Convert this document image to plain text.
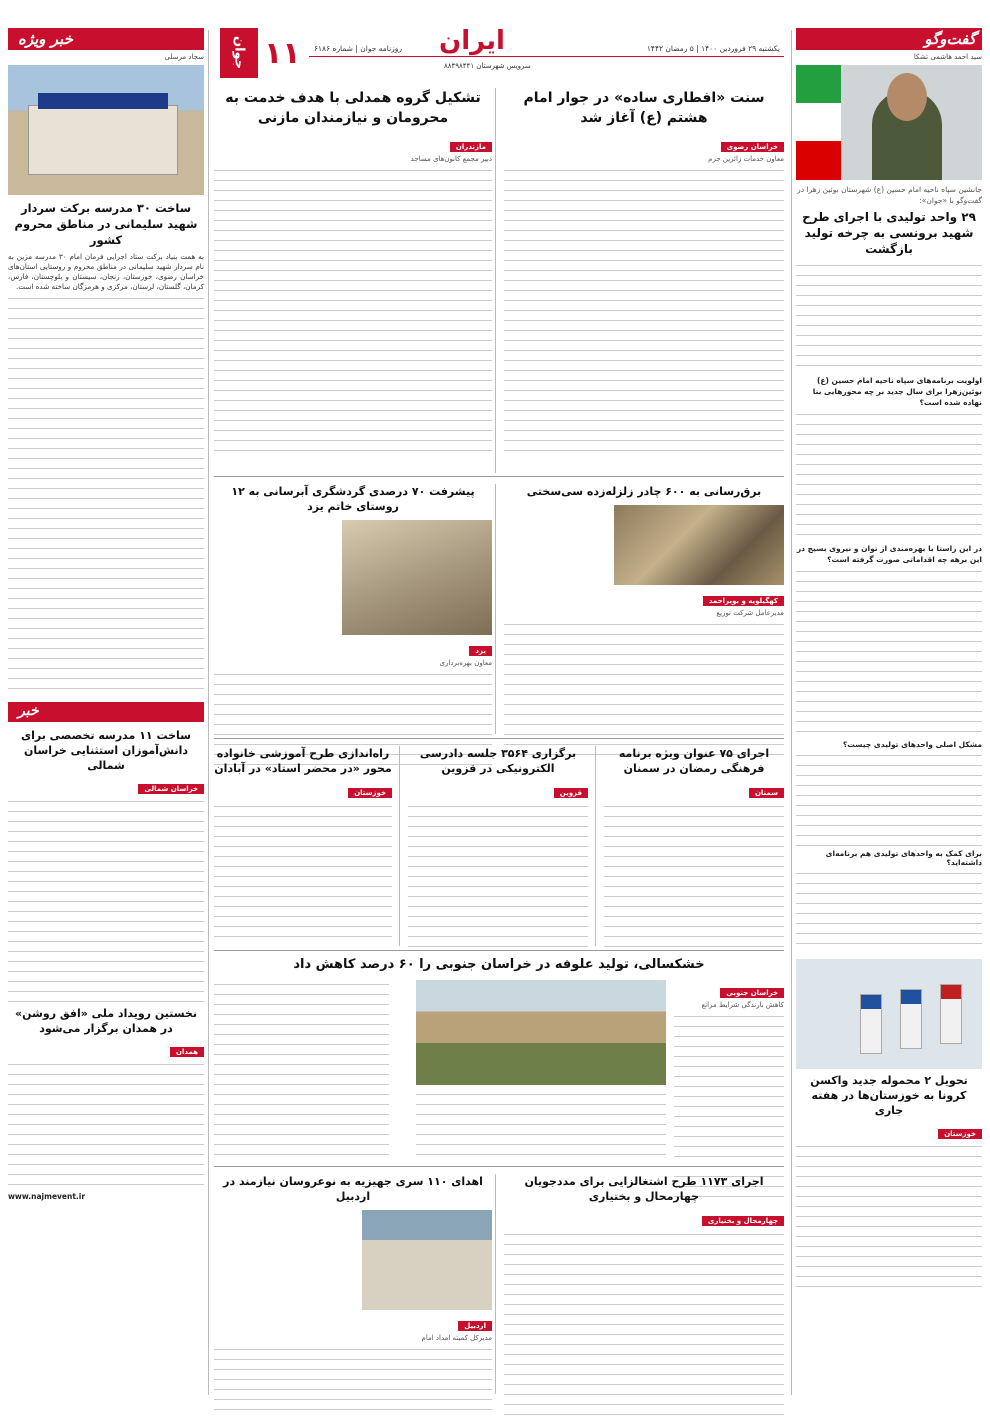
گفت‌وگو
سید احمد هاشمی تشکا
جانشین سپاه ناحیه امام حسین (ع) شهرستان بوئین زهرا در گفت‌وگو با «جوان»:
۲۹ واحد تولیدی با اجرای طرح شهید برونسی به چرخه تولید بازگشت
اولویت برنامه‌های سپاه ناحیه امام حسین (ع) بوئین‌زهرا برای سال جدید بر چه محورهایی بنا نهاده شده است؟
در این راستا با بهره‌مندی از توان و نیروی بسیج در این برهه چه اقداماتی صورت گرفته است؟
مشکل اصلی واحدهای تولیدی چیست؟
برای کمک به واحدهای تولیدی هم برنامه‌ای داشته‌اید؟
تحویل ۲ محموله جدید واکسن کرونا به خوزستان‌ها در هفته جاری
خوزستان
خبر ویژه
سجاد مرسلی
ساخت ۳۰ مدرسه برکت سردار شهید سلیمانی در مناطق محروم کشور
به همت بنیاد برکت ستاد اجرایی فرمان امام ۳۰ مدرسه مزین به نام سردار شهید سلیمانی در مناطق محروم و روستایی استان‌های خراسان رضوی، خوزستان، زنجان، سیستان و بلوچستان، فارس، کرمان، گلستان، لرستان، مرکزی و هرمزگان ساخته شده است.
خبر
ساخت ۱۱ مدرسه تخصصی برای دانش‌آموزان استثنایی خراسان شمالی
خراسان شمالی
نخستین رویداد ملی «افق روشن» در همدان برگزار می‌شود
همدان
www.najmevent.ir
جوان ۱۱	ایران	یکشنبه ۲۹ فروردین ۱۴۰۰ | ۵ رمضان ۱۴۴۲
روزنامه جوان | شماره ۶۱۸۶
سرویس شهرستان ۸۸۴۹۸۴۴۱
سنت «افطاری ساده» در جوار امام هشتم (ع) آغاز شد
خراسان رضوی
معاون خدمات زائرین حرم
تشکیل گروه همدلی با هدف خدمت به محرومان و نیازمندان مازنی
مازندران
دبیر مجمع کانون‌های مساجد
برق‌رسانی به ۶۰۰ چادر زلزله‌زده سی‌سختی
کهگیلویه و بویراحمد
مدیرعامل شرکت توزیع
پیشرفت ۷۰ درصدی گردشگری آبرسانی به ۱۲ روستای خاتم یزد
یزد
معاون بهره‌برداری
اجرای ۷۵ عنوان ویژه برنامه فرهنگی رمضان در سمنان
سمنان
برگزاری ۳۵۶۴ جلسه دادرسی الکترونیکی در قزوین
قزوین
راه‌اندازی طرح آموزشی خانواده محور «در محضر استاد» در آبادان
خوزستان
خشکسالی، تولید علوفه در خراسان جنوبی را ۶۰ درصد کاهش داد
خراسان جنوبی
کاهش بارندگی شرایط مراتع
اجرای ۱۱۷۳ طرح اشتغالزایی برای مددجویان چهارمحال و بختیاری
چهارمحال و بختیاری
اهدای ۱۱۰ سری جهیزیه به نوعروسان نیازمند در اردبیل
اردبیل
مدیرکل کمیته امداد امام
